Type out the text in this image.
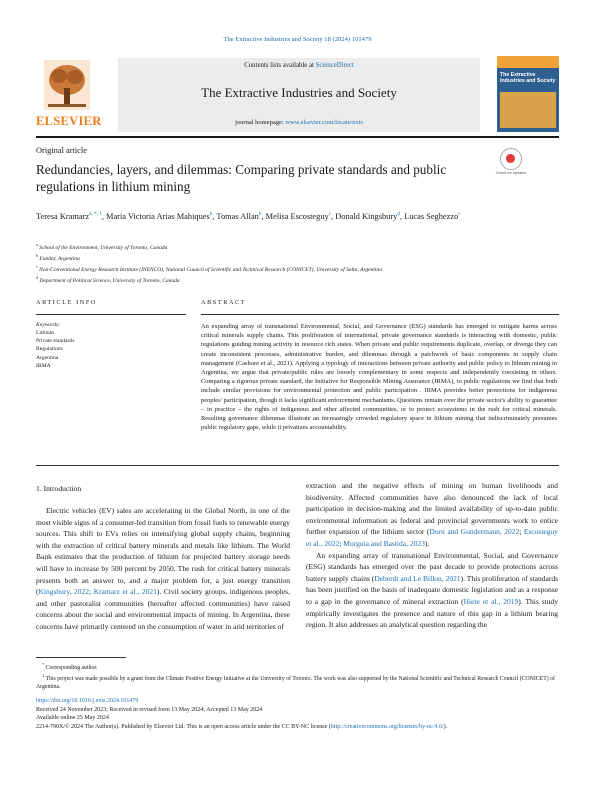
The Extractive Industries and Society 18 (2024) 101479
ELSEVIER
Contents lists available at ScienceDirect
The Extractive Industries and Society
journal homepage: www.elsevier.com/locate/exis
The Extractive Industries and Society
Original article
Redundancies, layers, and dilemmas: Comparing private standards and public regulations in lithium mining
Check for updates
Teresa Kramarz$^{a, *, 1}$, Maria Victoria Arias Mahiques$^b$, Tomas Allan$^b$, Melisa Escosteguy$^c$, Donald Kingsbury$^d$, Lucas Seghezzo$^c$
$^a$ School of the Environment, University of Toronto, Canada
$^b$ Fundar, Argentina
$^c$ Non-Conventional Energy Research Institute (INENCO), National Council of Scientific and Technical Research (CONICET), University of Salta, Argentina
$^d$ Department of Political Science, University of Toronto, Canada
ARTICLE INFO	ABSTRACT
Keywords:
Lithium
Private standards
Regulations
Argentina
IRMA
An expanding array of transnational Environmental, Social, and Governance (ESG) standards has emerged to mitigate harms across critical minerals supply chains. This proliferation of international, private governance standards is interacting with domestic, public regulations guiding mining activity in resource rich states. When private and public requirements duplicate, overlap, or diverge they can create inconsistent processes, administrative burden, and dilemmas through a patchwork of basic components in supply chain management (Cashore et al., 2021). Applying a typology of interactions between private authority and public policy to lithium mining in Argentina, we argue that private/public rules are loosely complementary in some respects and independently coexisting in others. Comparing a rigorous private standard, the Initiative for Responsible Mining Assurance (IRMA), to public regulations we find that both include similar provisions for environmental protection and public participation . IRMA provides better protections for indigenous peoples' participation, though it lacks significant enforcement mechanisms. Questions remain over the private sector's ability to guarantee – in practice – the rights of indigenous and other affected communities, or to protect ecosystems in the rush for critical minerals. Resulting governance dilemmas illustrate an increasingly crowded regulatory space in lithium mining that indiscriminately presumes public regulatory gaps, while it privatizes accountability.
1. Introduction
Electric vehicles (EV) sales are accelerating in the Global North, in one of the most visible signs of a consumer-led transition from fossil fuels to renewable energy sources. This shift to EVs relies on intensifying global supply chains, beginning with the extraction of critical battery minerals and metals like lithium. The World Bank estimates that the production of lithium for projected battery storage needs will have to increase by 500 percent by 2050. The rush for critical battery minerals presents both an answer to, and a major problem for, a just energy transition (Kingsbury, 2022; Kramarz et al., 2021). Civil society groups, indigenous peoples, and other pastoralist communities (hereafter affected communities) have raised concerns about the social and environmental impacts of mining. In Argentina, these concerns have primarily centered on the consumption of water in arid territories of

extraction and the negative effects of mining on human livelihoods and biodiversity. Affected communities have also denounced the lack of local participation in decision-making and the limited availability of up-to-date public environmental information as federal and provincial governments work to entice further expansion of the lithium sector (Dorn and Gundermann, 2022; Escosteguy et al., 2022; Murguia and Bastida, 2023).

An expanding array of transnational Environmental, Social, and Governance (ESG) standards has emerged over the past decade to provide protections across battery supply chains (Deberdt and Le Billon, 2021). This proliferation of standards has been justified on the basis of inadequate domestic legislation and as a response to a gap in the governance of mineral extraction (Hiete et al., 2019). This study empirically investigates the presence and nature of this gap in a lithium bearing region. It also addresses an analytical question regarding the

* Corresponding author.
$^1$ This project was made possible by a grant from the Climate Positive Energy Initiative at the University of Toronto. The work was also supported by the National Scientific and Technical Research Council (CONICET) of Argentina.
https://doi.org/10.1016/j.exis.2024.101479
Received 24 November 2023; Received in revised form 13 May 2024; Accepted 13 May 2024
Available online 25 May 2024
2214-790X/© 2024 The Author(s). Published by Elsevier Ltd. This is an open access article under the CC BY-NC license (http://creativecommons.org/licenses/by-nc/4.0/).
